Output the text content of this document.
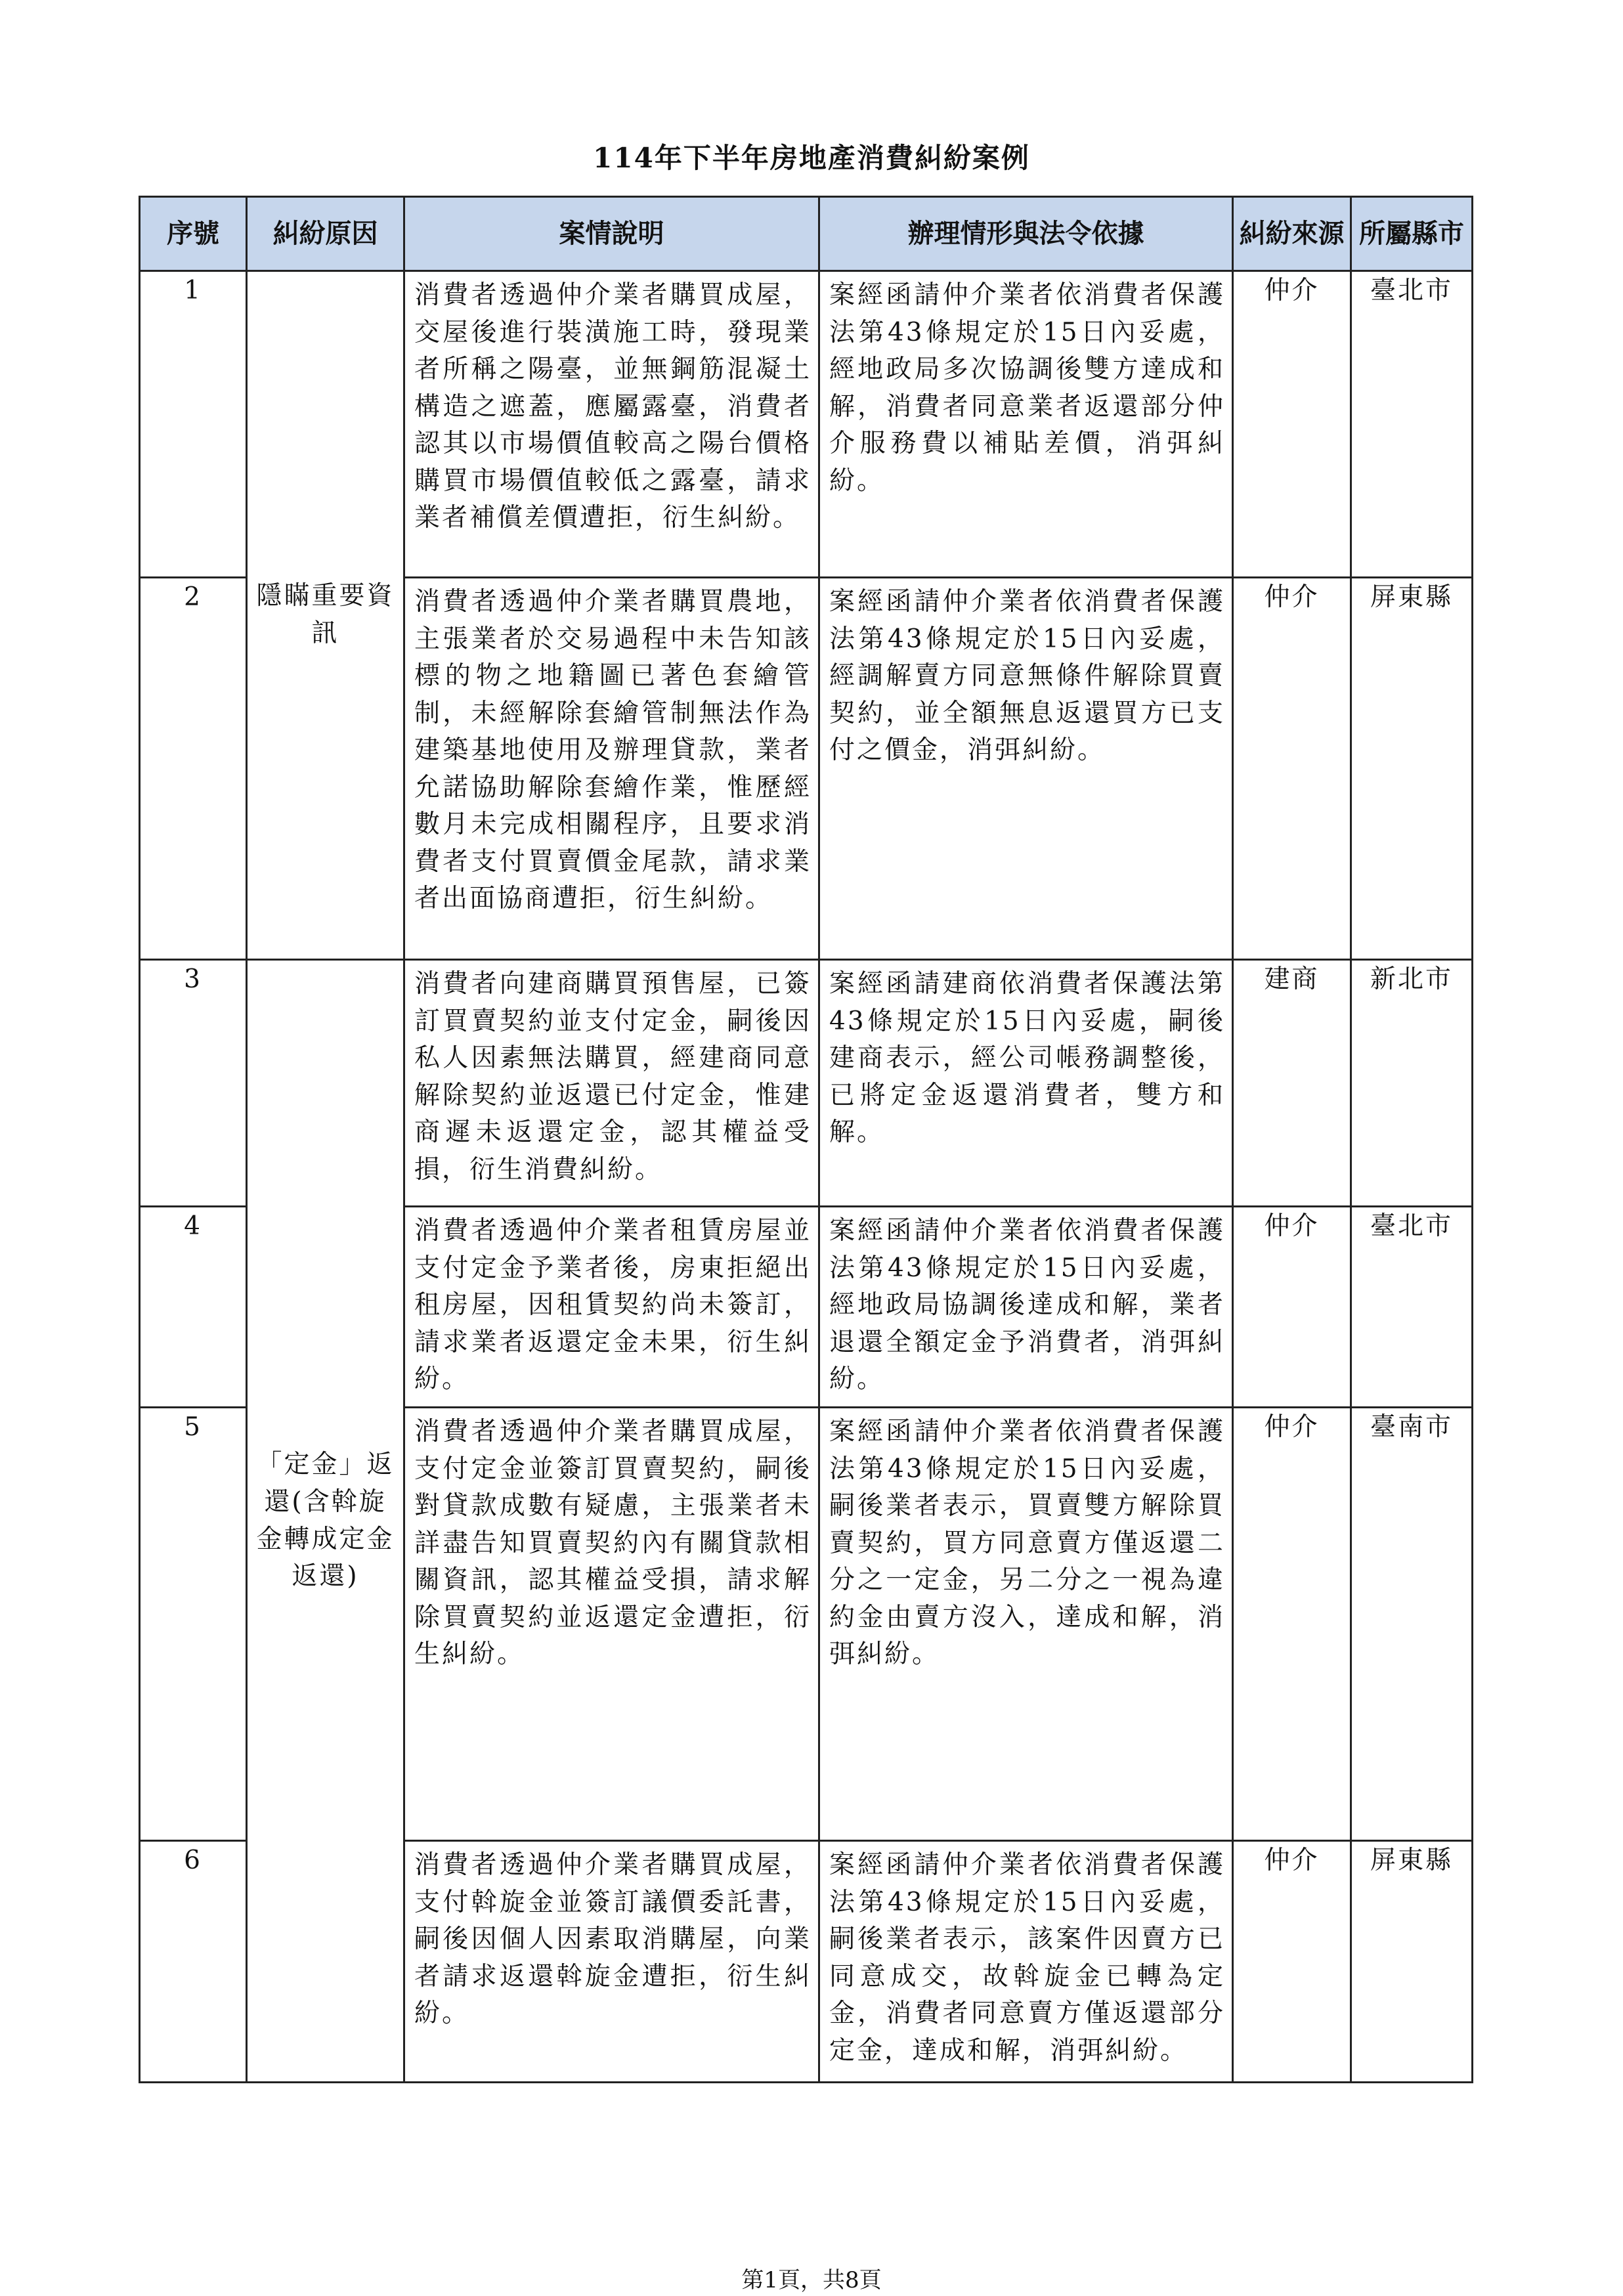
114年下半年房地產消費糾紛案例
序號	糾紛原因	案情說明	辦理情形與法令依據	糾紛來源	所屬縣市
1	隱瞞重要資訊	消費者透過仲介業者購買成屋，交屋後進行裝潢施工時，發現業者所稱之陽臺，並無鋼筋混凝土構造之遮蓋，應屬露臺，消費者認其以市場價值較高之陽台價格購買市場價值較低之露臺，請求業者補償差價遭拒，衍生糾紛。	案經函請仲介業者依消費者保護法第43條規定於15日內妥處，經地政局多次協調後雙方達成和解，消費者同意業者返還部分仲介服務費以補貼差價，消弭糾紛。	仲介	臺北市
2		消費者透過仲介業者購買農地，主張業者於交易過程中未告知該標的物之地籍圖已著色套繪管制，未經解除套繪管制無法作為建築基地使用及辦理貸款，業者允諾協助解除套繪作業，惟歷經數月未完成相關程序，且要求消費者支付買賣價金尾款，請求業者出面協商遭拒，衍生糾紛。	案經函請仲介業者依消費者保護法第43條規定於15日內妥處，經調解賣方同意無條件解除買賣契約，並全額無息返還買方已支付之價金，消弭糾紛。	仲介	屏東縣
3	「定金」返還(含斡旋金轉成定金返還)	消費者向建商購買預售屋，已簽訂買賣契約並支付定金，嗣後因私人因素無法購買，經建商同意解除契約並返還已付定金，惟建商遲未返還定金，認其權益受損，衍生消費糾紛。	案經函請建商依消費者保護法第43條規定於15日內妥處，嗣後建商表示，經公司帳務調整後，已將定金返還消費者，雙方和解。	建商	新北市
4		消費者透過仲介業者租賃房屋並支付定金予業者後，房東拒絕出租房屋，因租賃契約尚未簽訂，請求業者返還定金未果，衍生糾紛。	案經函請仲介業者依消費者保護法第43條規定於15日內妥處，經地政局協調後達成和解，業者退還全額定金予消費者，消弭糾紛。	仲介	臺北市
5		消費者透過仲介業者購買成屋，支付定金並簽訂買賣契約，嗣後對貸款成數有疑慮，主張業者未詳盡告知買賣契約內有關貸款相關資訊，認其權益受損，請求解除買賣契約並返還定金遭拒，衍生糾紛。	案經函請仲介業者依消費者保護法第43條規定於15日內妥處，嗣後業者表示，買賣雙方解除買賣契約，買方同意賣方僅返還二分之一定金，另二分之一視為違約金由賣方沒入，達成和解，消弭糾紛。	仲介	臺南市
6		消費者透過仲介業者購買成屋，支付斡旋金並簽訂議價委託書，嗣後因個人因素取消購屋，向業者請求返還斡旋金遭拒，衍生糾紛。	案經函請仲介業者依消費者保護法第43條規定於15日內妥處，嗣後業者表示，該案件因賣方已同意成交，故斡旋金已轉為定金，消費者同意賣方僅返還部分定金，達成和解，消弭糾紛。	仲介	屏東縣
第1頁，共8頁
